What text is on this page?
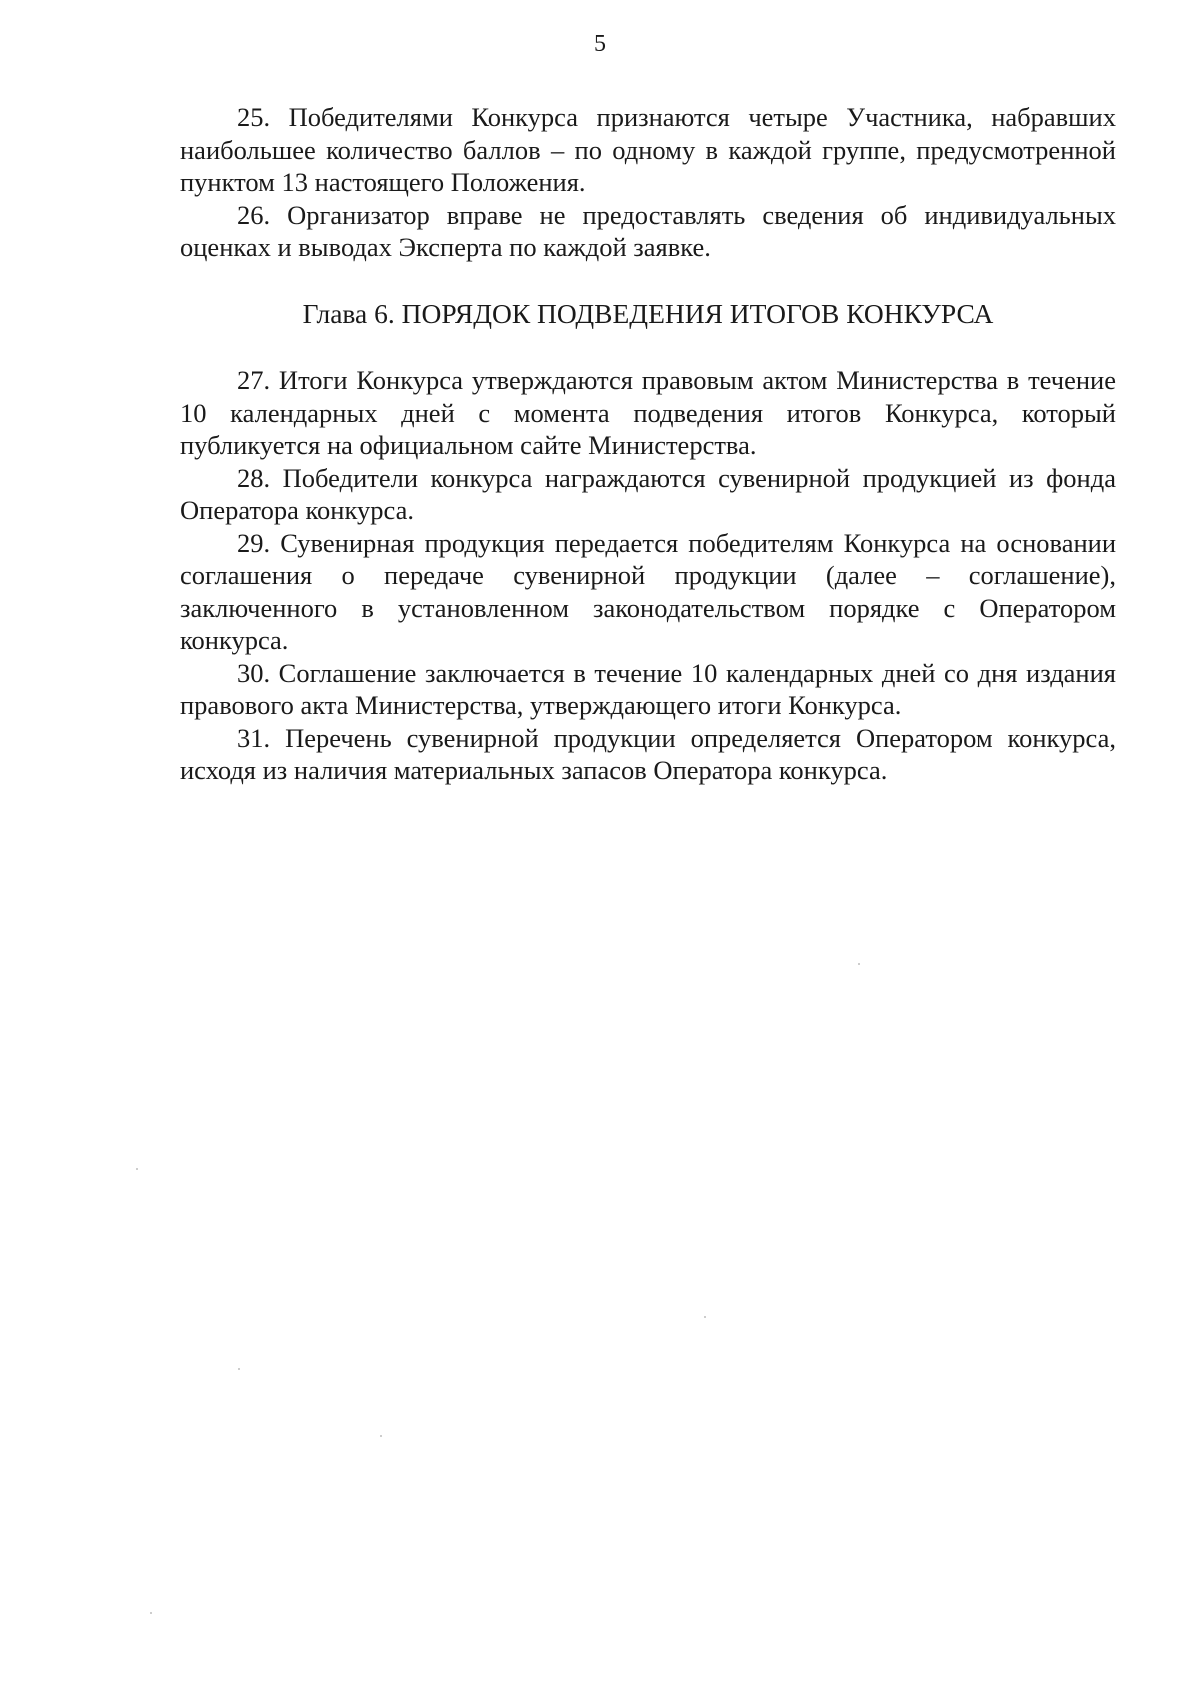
5

25. Победителями Конкурса признаются четыре Участника, набравших наибольшее количество баллов – по одному в каждой группе, предусмотренной пунктом 13 настоящего Положения.

26. Организатор вправе не предоставлять сведения об индивидуальных оценках и выводах Эксперта по каждой заявке.

Глава 6. ПОРЯДОК ПОДВЕДЕНИЯ ИТОГОВ КОНКУРСА

27. Итоги Конкурса утверждаются правовым актом Министерства в течение 10 календарных дней с момента подведения итогов Конкурса, который публикуется на официальном сайте Министерства.

28. Победители конкурса награждаются сувенирной продукцией из фонда Оператора конкурса.

29. Сувенирная продукция передается победителям Конкурса на основании соглашения о передаче сувенирной продукции (далее – соглашение), заключенного в установленном законодательством порядке с Оператором конкурса.

30. Соглашение заключается в течение 10 календарных дней со дня издания правового акта Министерства, утверждающего итоги Конкурса.

31. Перечень сувенирной продукции определяется Оператором конкурса, исходя из наличия материальных запасов Оператора конкурса.
